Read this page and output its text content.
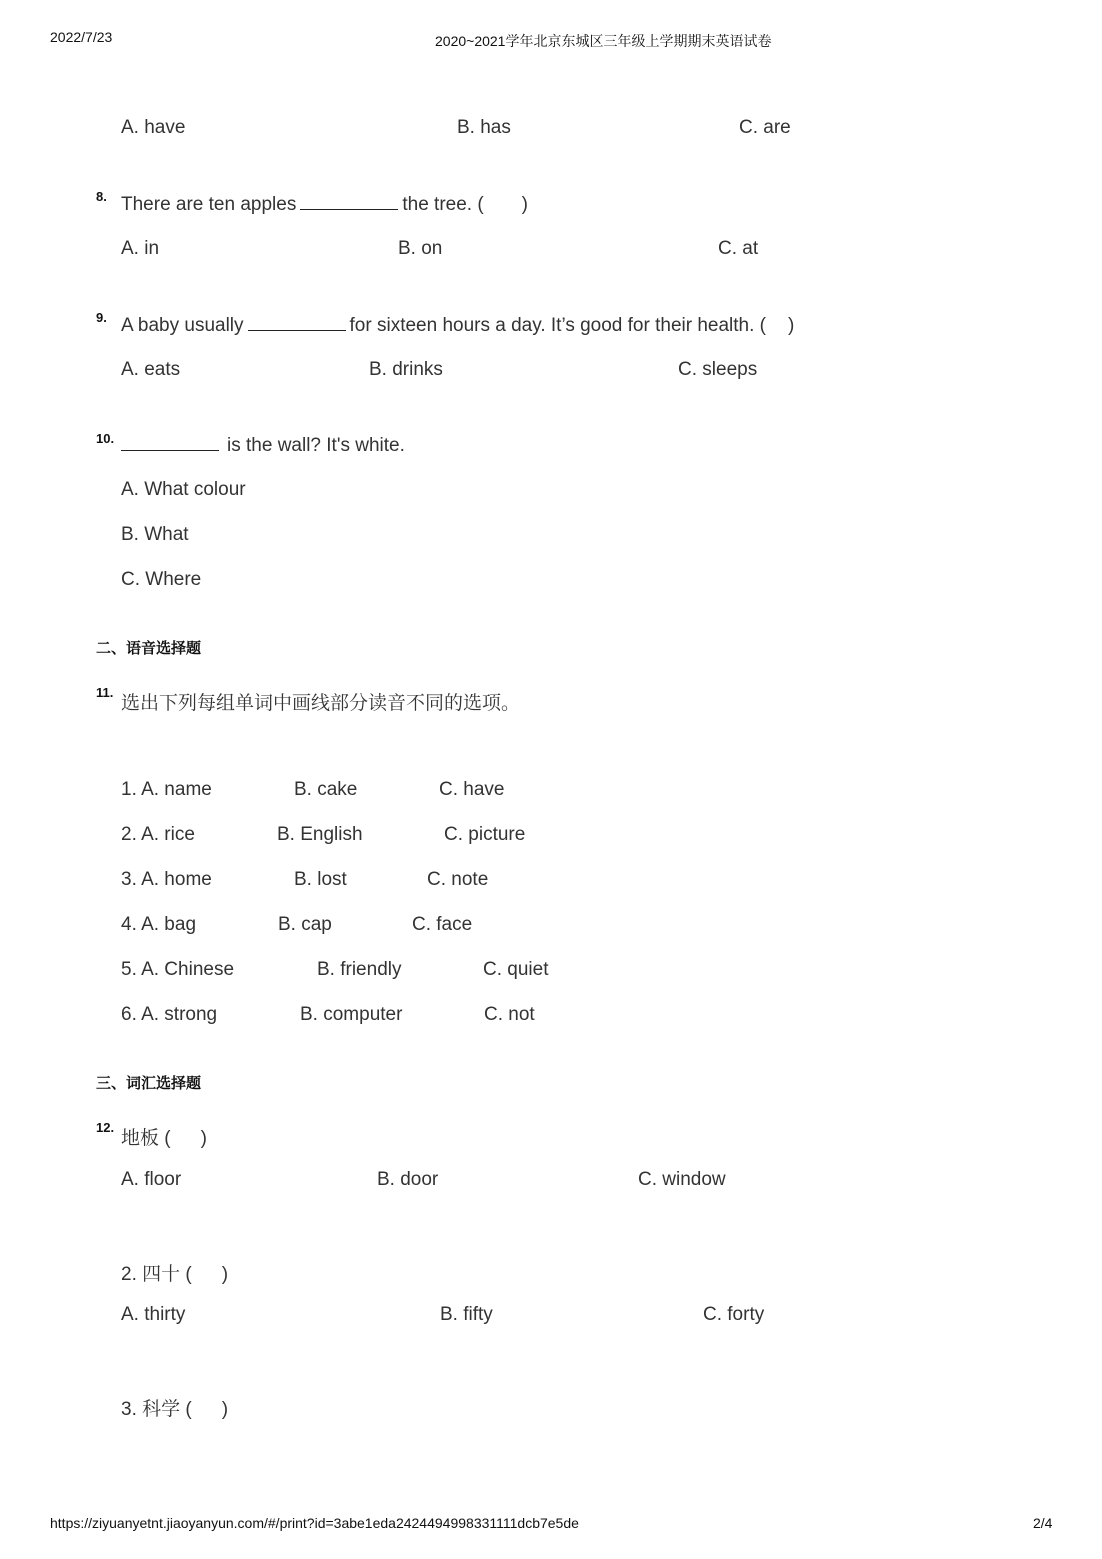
2022/7/23	2020~2021学年北京东城区三年级上学期期末英语试卷
A. have	B. has	C. are
8. There are ten apples	the tree. ( )
A. in	B. on	C. at
9. A baby usually	for sixteen hours a day. It’s good for their health. ( )
A. eats	B. drinks	C. sleeps
10.	is the wall? It's white.
A. What colour
B. What
C. Where
二、语音选择题
11.
选出下列每组单词中画线部分读音不同的选项。
1. A. name	B. cake	C. have
2. A. rice	B. English	C. picture
3. A. home	B. lost	C. note
4. A. bag	B. cap	C. face
5. A. Chinese	B. friendly	C. quiet
6. A. strong	B. computer	C. not
三、词汇选择题
12.
地板 ( )
A. floor	B. door	C. window
2. 四十 ( )
A. thirty	B. fifty	C. forty
3. 科学 ( )
https://ziyuanyetnt.jiaoyanyun.com/#/print?id=3abe1eda2424494998331111dcb7e5de	2/4
